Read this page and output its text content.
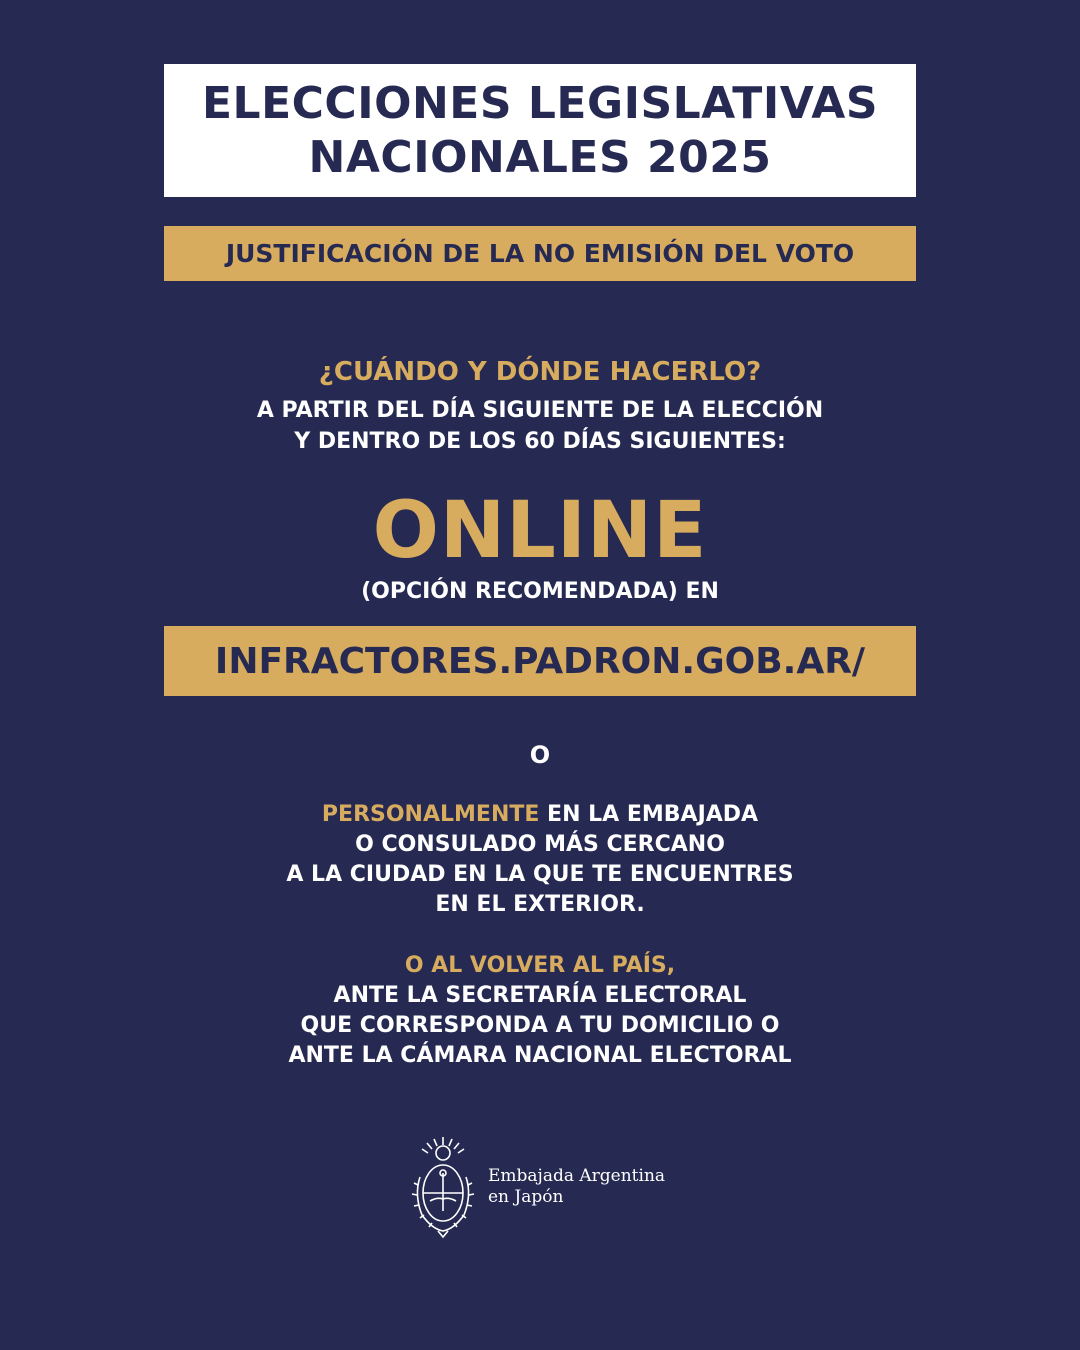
ELECCIONES LEGISLATIVAS
NACIONALES 2025
JUSTIFICACIÓN DE LA NO EMISIÓN DEL VOTO
¿CUÁNDO Y DÓNDE HACERLO?
A PARTIR DEL DÍA SIGUIENTE DE LA ELECCIÓN
Y DENTRO DE LOS 60 DÍAS SIGUIENTES:
ONLINE
(OPCIÓN RECOMENDADA) EN
INFRACTORES.PADRON.GOB.AR/
O
PERSONALMENTE EN LA EMBAJADA
O CONSULADO MÁS CERCANO
A LA CIUDAD EN LA QUE TE ENCUENTRES
EN EL EXTERIOR.
O AL VOLVER AL PAÍS,
ANTE LA SECRETARÍA ELECTORAL
QUE CORRESPONDA A TU DOMICILIO O
ANTE LA CÁMARA NACIONAL ELECTORAL
Embajada Argentina
en Japón
